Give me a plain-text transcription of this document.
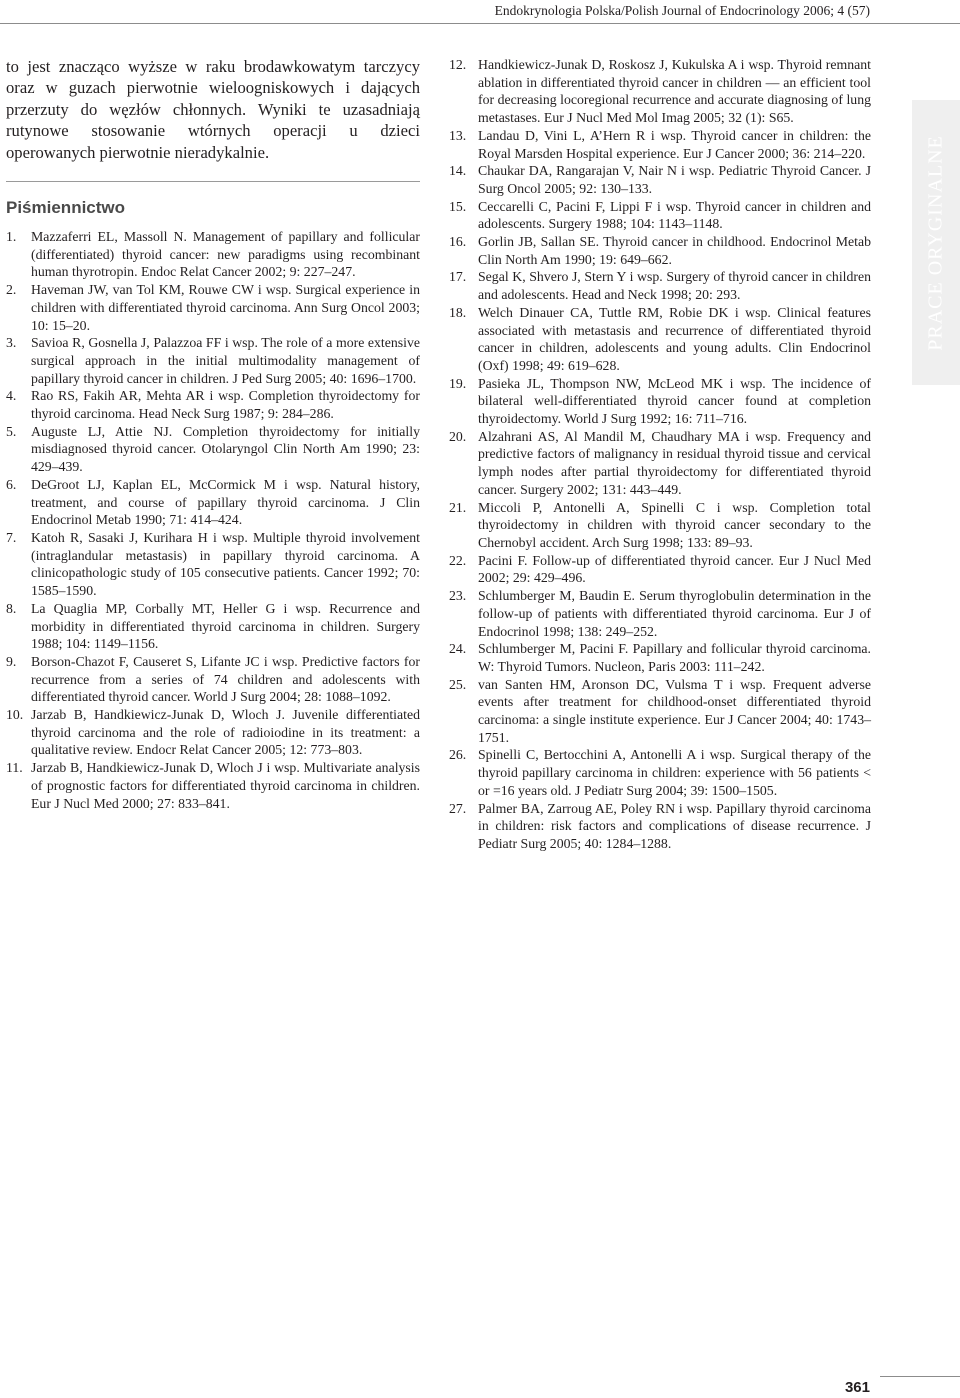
Endokrynologia Polska/Polish Journal of Endocrinology 2006; 4 (57)

to jest znacząco wyższe w raku brodawkowatym tarczycy oraz w guzach pierwotnie wieloogniskowych i dających przerzuty do węzłów chłonnych. Wyniki te uzasadniają rutynowe stosowanie wtórnych operacji u dzieci operowanych pierwotnie nieradykalnie.

Piśmiennictwo
1.	Mazzaferri EL, Massoll N. Management of papillary and follicular (differentiated) thyroid cancer: new paradigms using recombinant human thyrotropin. Endoc Relat Cancer 2002; 9: 227–247.
2.	Haveman JW, van Tol KM, Rouwe CW i wsp. Surgical experience in children with differentiated thyroid carcinoma. Ann Surg Oncol 2003; 10: 15–20.
3.	Savioa R, Gosnella J, Palazzoa FF i wsp. The role of a more extensive surgical approach in the initial multimodality management of papillary thyroid cancer in children. J Ped Surg 2005; 40: 1696–1700.
4.	Rao RS, Fakih AR, Mehta AR i wsp. Completion thyroidectomy for thyroid carcinoma. Head Neck Surg 1987; 9: 284–286.
5.	Auguste LJ, Attie NJ. Completion thyroidectomy for initially misdiagnosed thyroid cancer. Otolaryngol Clin North Am 1990; 23: 429–439.
6.	DeGroot LJ, Kaplan EL, McCormick M i wsp. Natural history, treatment, and course of papillary thyroid carcinoma. J Clin Endocrinol Metab 1990; 71: 414–424.
7.	Katoh R, Sasaki J, Kurihara H i wsp. Multiple thyroid involvement (intraglandular metastasis) in papillary thyroid carcinoma. A clinicopathologic study of 105 consecutive patients. Cancer 1992; 70: 1585–1590.
8.	La Quaglia MP, Corbally MT, Heller G i wsp. Recurrence and morbidity in differentiated thyroid carcinoma in children. Surgery 1988; 104: 1149–1156.
9.	Borson-Chazot F, Causeret S, Lifante JC i wsp. Predictive factors for recurrence from a series of 74 children and adolescents with differentiated thyroid cancer. World J Surg 2004; 28: 1088–1092.
10. Jarzab B, Handkiewicz-Junak D, Wloch J. Juvenile differentiated thyroid carcinoma and the role of radioiodine in its treatment: a qualitative review. Endocr Relat Cancer 2005; 12: 773–803.
11. Jarzab B, Handkiewicz-Junak D, Wloch J i wsp. Multivariate analysis of prognostic factors for differentiated thyroid carcinoma in children. Eur J Nucl Med 2000; 27: 833–841.
12. Handkiewicz-Junak D, Roskosz J, Kukulska A i wsp. Thyroid remnant ablation in differentiated thyroid cancer in children — an efficient tool for decreasing locoregional recurrence and accurate diagnosing of lung metastases. Eur J Nucl Med Mol Imag 2005; 32 (1): S65.
13. Landau D, Vini L, A’Hern R i wsp. Thyroid cancer in children: the Royal Marsden Hospital experience. Eur J Cancer 2000; 36: 214–220.
14. Chaukar DA, Rangarajan V, Nair N i wsp. Pediatric Thyroid Cancer. J Surg Oncol 2005; 92: 130–133.
15. Ceccarelli C, Pacini F, Lippi F i wsp. Thyroid cancer in children and adolescents. Surgery 1988; 104: 1143–1148.
16. Gorlin JB, Sallan SE. Thyroid cancer in childhood. Endocrinol Metab Clin North Am 1990; 19: 649–662.
17. Segal K, Shvero J, Stern Y i wsp. Surgery of thyroid cancer in children and adolescents. Head and Neck 1998; 20: 293.
18. Welch Dinauer CA, Tuttle RM, Robie DK i wsp. Clinical features associated with metastasis and recurrence of differentiated thyroid cancer in children, adolescents and young adults. Clin Endocrinol (Oxf) 1998; 49: 619–628.
19. Pasieka JL, Thompson NW, McLeod MK i wsp. The incidence of bilateral well-differentiated thyroid cancer found at completion thyroidectomy. World J Surg 1992; 16: 711–716.
20. Alzahrani AS, Al Mandil M, Chaudhary MA i wsp. Frequency and predictive factors of malignancy in residual thyroid tissue and cervical lymph nodes after partial thyroidectomy for differentiated thyroid cancer. Surgery 2002; 131: 443–449.
21. Miccoli P, Antonelli A, Spinelli C i wsp. Completion total thyroidectomy in children with thyroid cancer secondary to the Chernobyl accident. Arch Surg 1998; 133: 89–93.
22. Pacini F. Follow-up of differentiated thyroid cancer. Eur J Nucl Med 2002; 29: 429–496.
23. Schlumberger M, Baudin E. Serum thyroglobulin determination in the follow-up of patients with differentiated thyroid carcinoma. Eur J of Endocrinol 1998; 138: 249–252.
24. Schlumberger M, Pacini F. Papillary and follicular thyroid carcinoma. W: Thyroid Tumors. Nucleon, Paris 2003: 111–242.
25. van Santen HM, Aronson DC, Vulsma T i wsp. Frequent adverse events after treatment for childhood-onset differentiated thyroid carcinoma: a single institute experience. Eur J Cancer 2004; 40: 1743–1751.
26. Spinelli C, Bertocchini A, Antonelli A i wsp. Surgical therapy of the thyroid papillary carcinoma in children: experience with 56 patients < or =16 years old. J Pediatr Surg 2004; 39: 1500–1505.
27. Palmer BA, Zarroug AE, Poley RN i wsp. Papillary thyroid carcinoma in children: risk factors and complications of disease recurrence. J Pediatr Surg 2005; 40: 1284–1288.
PRACE ORYGINALNE
361
